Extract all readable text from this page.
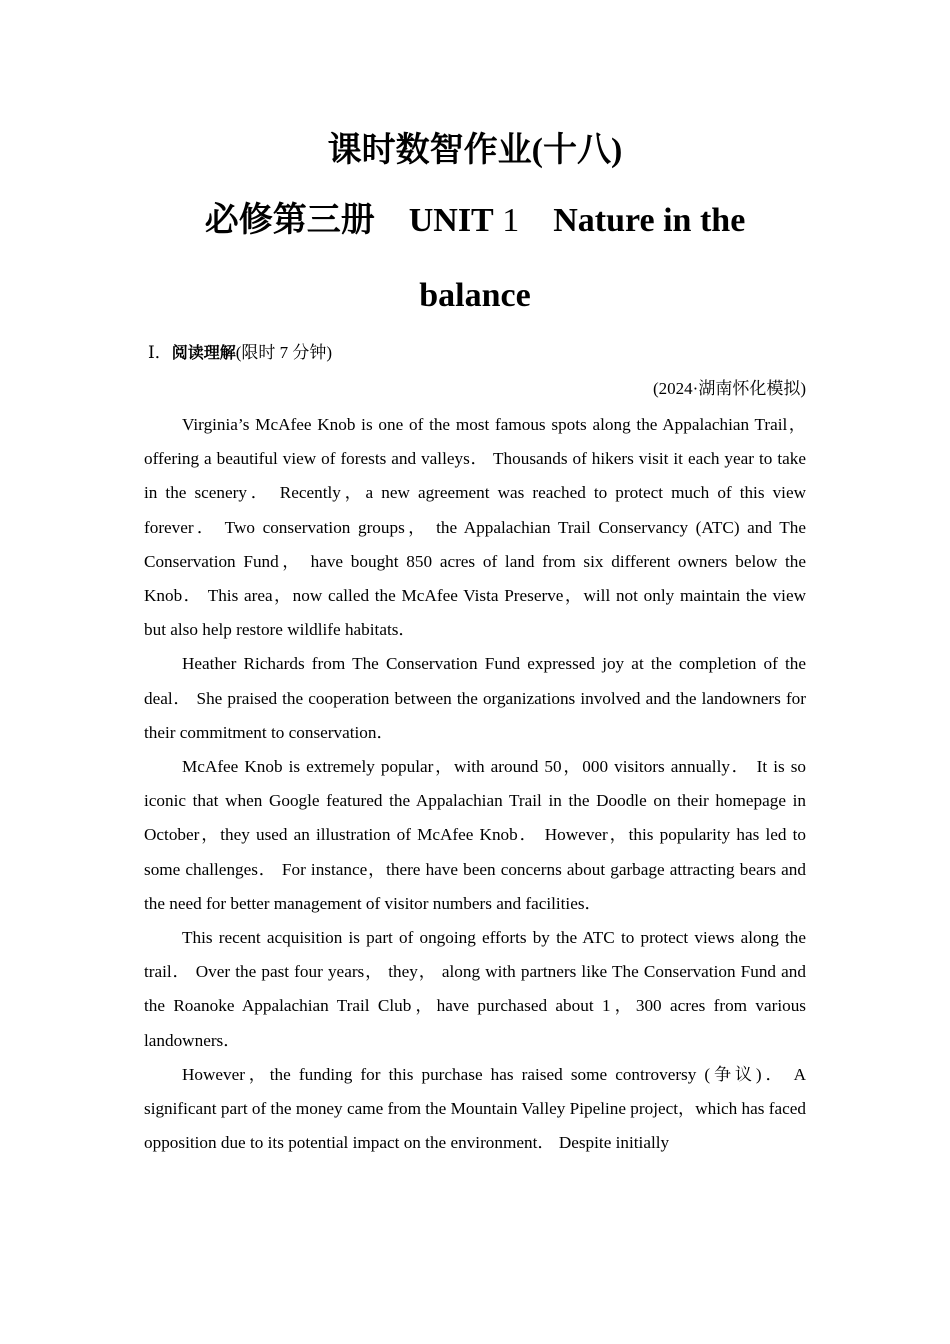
课时数智作业(十八)
必修第三册 UNIT 1 Nature in the
balance

Ⅰ．阅读理解(限时 7 分钟)

(2024·湖南怀化模拟)

Virginia’s McAfee Knob is one of the most famous spots along the Appalachian Trail，offering a beautiful view of forests and valleys． Thousands of hikers visit it each year to take in the scenery． Recently，a new agreement was reached to protect much of this view forever． Two conservation groups， the Appalachian Trail Conservancy (ATC) and The Conservation Fund， have bought 850 acres of land from six different owners below the Knob． This area，now called the McAfee Vista Preserve，will not only maintain the view but also help restore wildlife habitats．

Heather Richards from The Conservation Fund expressed joy at the completion of the deal． She praised the cooperation between the organizations involved and the landowners for their commitment to conservation．

McAfee Knob is extremely popular，with around 50，000 visitors annually． It is so iconic that when Google featured the Appalachian Trail in the Doodle on their homepage in October，they used an illustration of McAfee Knob． However，this popularity has led to some challenges． For instance，there have been concerns about garbage attracting bears and the need for better management of visitor numbers and facilities．

This recent acquisition is part of ongoing efforts by the ATC to protect views along the trail． Over the past four years， they， along with partners like The Conservation Fund and the Roanoke Appalachian Trail Club，have purchased about 1，300 acres from various landowners．

However，the funding for this purchase has raised some controversy (争议)． A significant part of the money came from the Mountain Valley Pipeline project，which has faced opposition due to its potential impact on the environment． Despite initially
